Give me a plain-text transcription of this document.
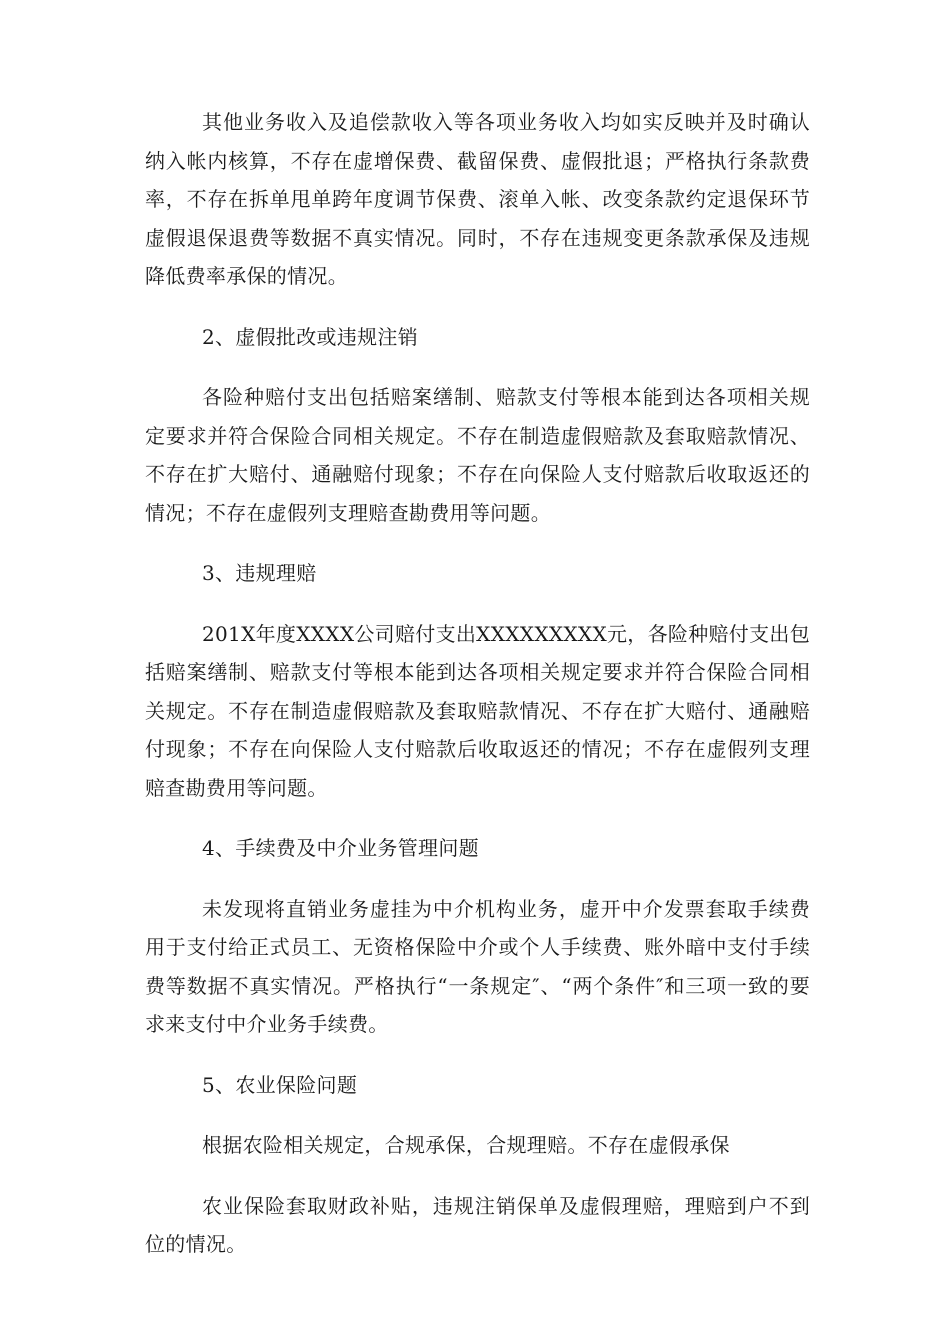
其他业务收入及追偿款收入等各项业务收入均如实反映并及时确认纳入帐内核算，不存在虚增保费、截留保费、虚假批退；严格执行条款费率，不存在拆单甩单跨年度调节保费、滚单入帐、改变条款约定退保环节虚假退保退费等数据不真实情况。同时，不存在违规变更条款承保及违规降低费率承保的情况。

2、虚假批改或违规注销

各险种赔付支出包括赔案缮制、赔款支付等根本能到达各项相关规定要求并符合保险合同相关规定。不存在制造虚假赔款及套取赔款情况、不存在扩大赔付、通融赔付现象；不存在向保险人支付赔款后收取返还的情况；不存在虚假列支理赔查勘费用等问题。

3、违规理赔

201X年度XXXX公司赔付支出XXXXXXXXX元，各险种赔付支出包括赔案缮制、赔款支付等根本能到达各项相关规定要求并符合保险合同相关规定。不存在制造虚假赔款及套取赔款情况、不存在扩大赔付、通融赔付现象；不存在向保险人支付赔款后收取返还的情况；不存在虚假列支理赔查勘费用等问题。

4、手续费及中介业务管理问题

未发现将直销业务虚挂为中介机构业务，虚开中介发票套取手续费用于支付给正式员工、无资格保险中介或个人手续费、账外暗中支付手续费等数据不真实情况。严格执行“一条规定″、“两个条件″和三项一致的要求来支付中介业务手续费。

5、农业保险问题

根据农险相关规定，合规承保，合规理赔。不存在虚假承保

农业保险套取财政补贴，违规注销保单及虚假理赔，理赔到户不到位的情况。
